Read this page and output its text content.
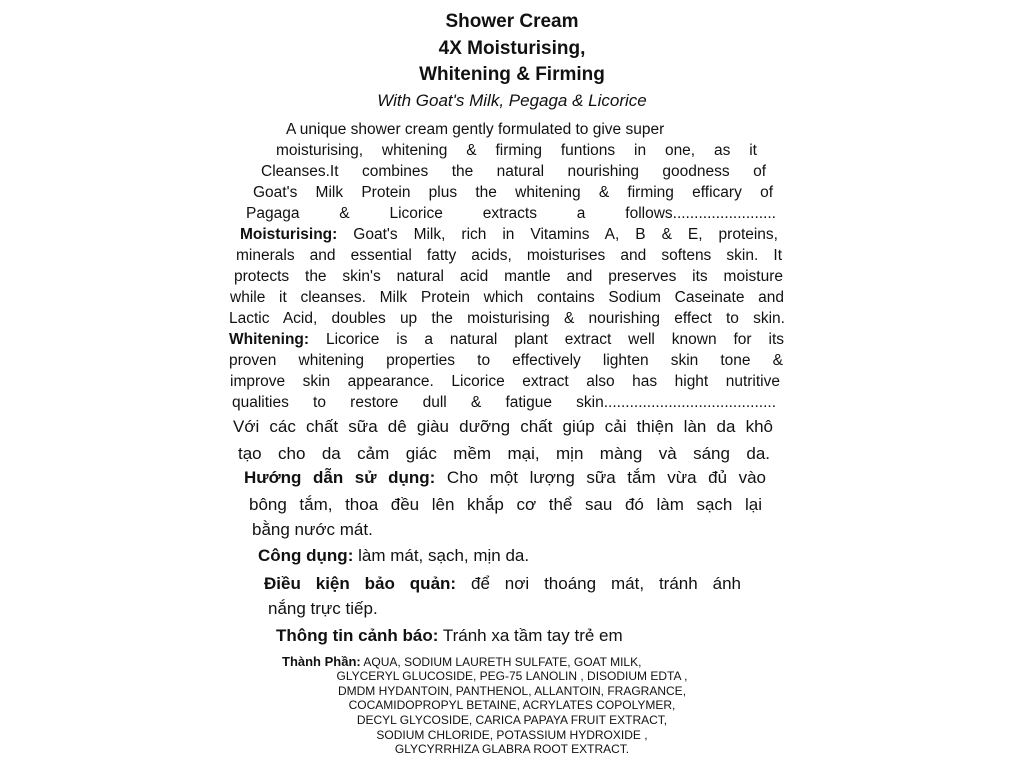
Shower Cream
4X Moisturising,
Whitening & Firming
With Goat's Milk, Pegaga & Licorice
A unique shower cream gently formulated to give super
moisturising, whitening & firming funtions in one, as it
Cleanses.It combines the natural nourishing goodness of
Goat's Milk Protein plus the whitening & firming efficary of
Pagaga & Licorice extracts a follows........................
Moisturising: Goat's Milk, rich in Vitamins A, B & E, proteins,
minerals and essential fatty acids, moisturises and softens skin. It
protects the skin's natural acid mantle and preserves its moisture
while it cleanses. Milk Protein which contains Sodium Caseinate and
Lactic Acid, doubles up the moisturising & nourishing effect to skin.
Whitening: Licorice is a natural plant extract well known for its
proven whitening properties to effectively lighten skin tone &
improve skin appearance. Licorice extract also has hight nutritive
qualities to restore dull & fatigue skin........................................
Với các chất sữa dê giàu dưỡng chất giúp cải thiện làn da khô
tạo cho da cảm giác mềm mại, mịn màng và sáng da.
Hướng dẫn sử dụng: Cho một lượng sữa tắm vừa đủ vào
bông tắm, thoa đều lên khắp cơ thể sau đó làm sạch lại
bằng nước mát.
Công dụng: làm mát, sạch, mịn da.
Điều kiện bảo quản: để nơi thoáng mát, tránh ánh
nắng trực tiếp.
Thông tin cảnh báo: Tránh xa tầm tay trẻ em
Thành Phần: AQUA, SODIUM LAURETH SULFATE, GOAT MILK,
GLYCERYL GLUCOSIDE, PEG-75 LANOLIN , DISODIUM EDTA ,
DMDM HYDANTOIN, PANTHENOL, ALLANTOIN, FRAGRANCE,
COCAMIDOPROPYL BETAINE, ACRYLATES COPOLYMER,
DECYL GLYCOSIDE, CARICA PAPAYA FRUIT EXTRACT,
SODIUM CHLORIDE, POTASSIUM HYDROXIDE ,
GLYCYRRHIZA GLABRA ROOT EXTRACT.
